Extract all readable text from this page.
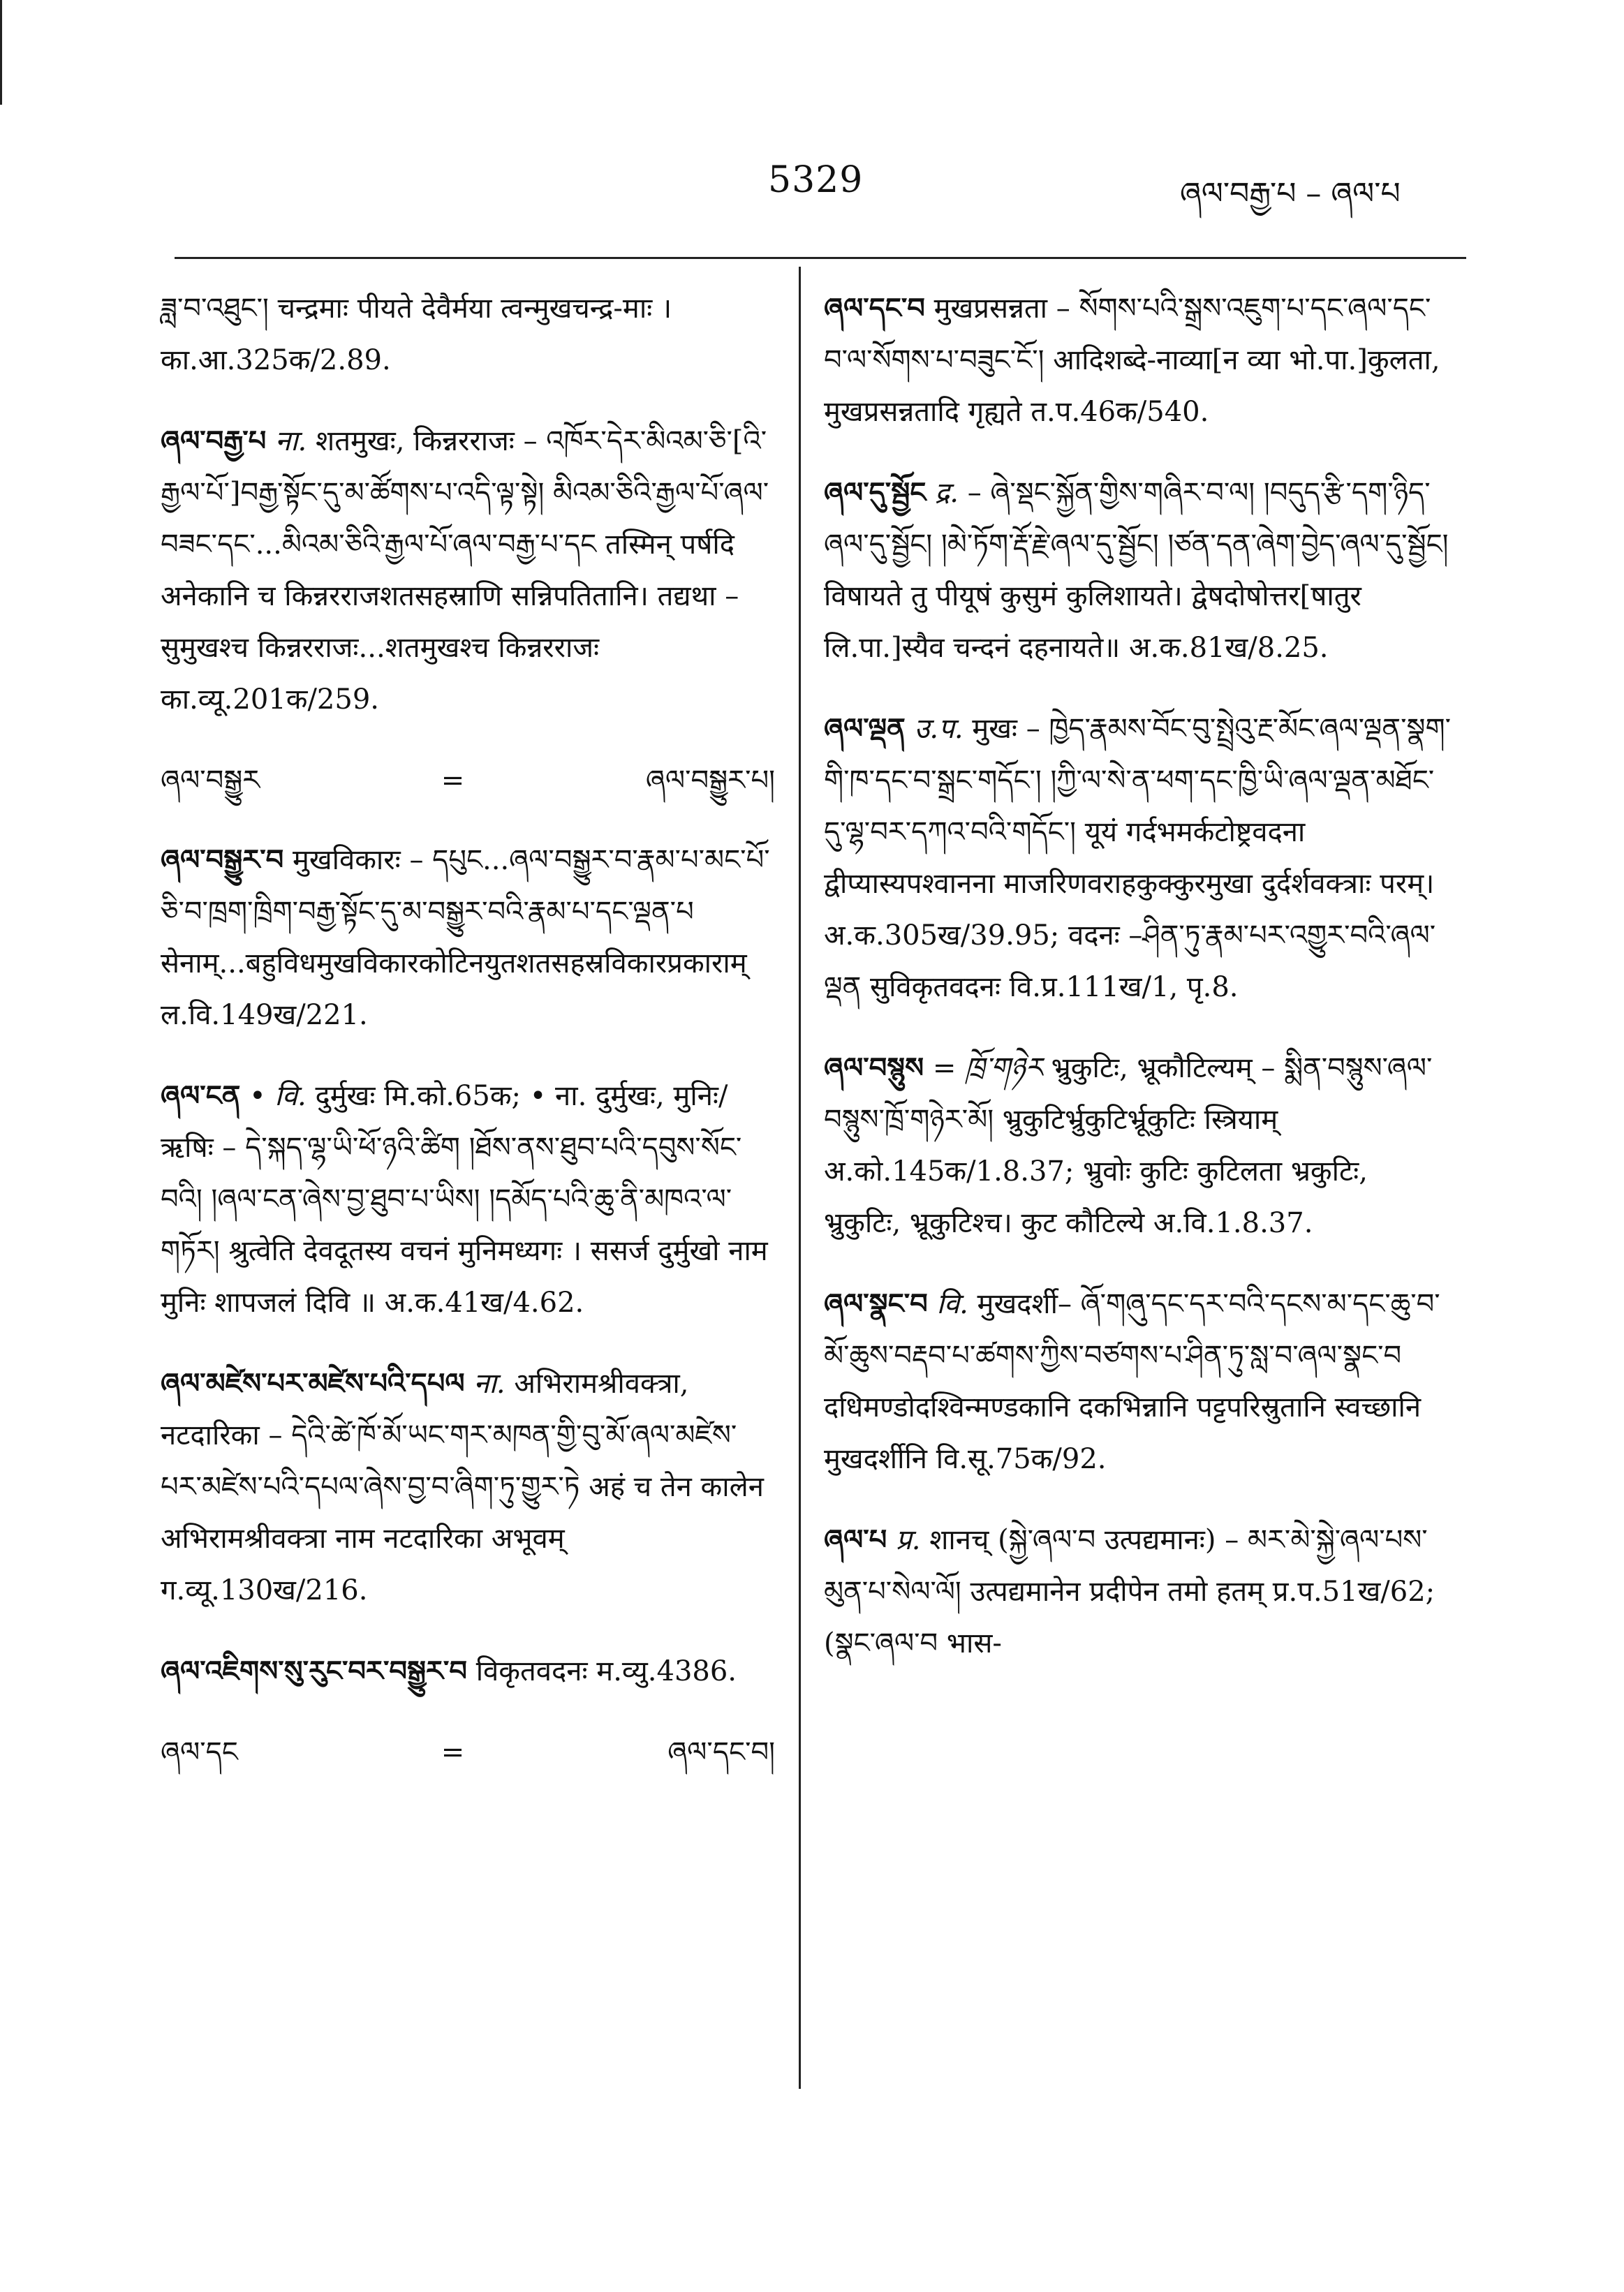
5329	ཞལ་བརྒྱ་པ – ཞལ་པ
ཟླ་བ་འཐུང་། चन्द्रमाः पीयते देवैर्मया त्वन्मुखचन्द्र-माः । का.आ.325क/2.89.
ཞལ་བརྒྱ་པ ना. शतमुखः, किन्नरराजः – འཁོར་དེར་མིའམ་ཅི་[འི་རྒྱལ་པོ་]བརྒྱ་སྟོང་དུ་མ་ཚོགས་པ་འདི་ལྟ་སྟེ། མིའམ་ཅིའི་རྒྱལ་པོ་ཞལ་བཟང་དང་...མིའམ་ཅིའི་རྒྱལ་པོ་ཞལ་བརྒྱ་པ་དང तस्मिन् पर्षदि अनेकानि च किन्नरराजशतसहस्राणि सन्निपतितानि। तद्यथा – सुमुखश्च किन्नरराजः...शतमुखश्च किन्नरराजः का.व्यू.201क/259.
ཞལ་བསྒྱུར	=	ཞལ་བསྒྱུར་པ།
ཞལ་བསྒྱུར་བ मुखविकारः – དཔུང...ཞལ་བསྒྱུར་བ་རྣམ་པ་མང་པོ་ཅི་བ་ཁྲག་ཁྲིག་བརྒྱ་སྟོང་དུ་མ་བསྒྱུར་བའི་རྣམ་པ་དང་ལྡན་པ सेनाम्...बहुविधमुखविकारकोटिनयुतशतसहस्रविकारप्रकाराम् ल.वि.149ख/221.
ཞལ་ངན • वि. दुर्मुखः मि.को.65क; • ना. दुर्मुखः, मुनिः/ऋषिः – དེ་སྐད་ལྷ་ཡི་ཕོ་ཉའི་ཚིག །ཐོས་ནས་ཐུབ་པའི་དབུས་སོང་བའི། །ཞལ་ངན་ཞེས་བྱ་ཐུབ་པ་ཡིས། །དམོད་པའི་ཆུ་ནི་མཁའ་ལ་གཏོར། श्रुत्वेति देवदूतस्य वचनं मुनिमध्यगः । ससर्ज दुर्मुखो नाम मुनिः शापजलं दिवि ॥ अ.क.41ख/4.62.
ཞལ་མཛེས་པར་མཛེས་པའི་དཔལ ना. अभिरामश्रीवक्त्रा, नटदारिका – དེའི་ཚེ་ཁོ་མོ་ཡང་གར་མཁན་གྱི་བུ་མོ་ཞལ་མཛེས་པར་མཛེས་པའི་དཔལ་ཞེས་བྱ་བ་ཞིག་ཏུ་གྱུར་ཏེ अहं च तेन कालेन अभिरामश्रीवक्त्रा नाम नटदारिका अभूवम् ग.व्यू.130ख/216.
ཞལ་འཇིགས་སུ་རུང་བར་བསྒྱུར་བ विकृतवदनः म.व्यु.4386.
ཞལ་དང	=	ཞལ་དང་བ།
ཞལ་དང་བ मुखप्रसन्नता – སོགས་པའི་སྒྲས་འཇུག་པ་དང་ཞལ་དང་བ་ལ་སོགས་པ་བཟུང་ངོ་། आदिशब्दे-नाव्या[न व्या भो.पा.]कुलता, मुखप्रसन्नतादि गृह्यते त.प.46क/540.
ཞལ་དུ་སྦྱོང द्र. – ཞེ་སྡང་སྐྱོན་གྱིས་གཞིར་བ་ལ། །བདུད་རྩི་དག་ཉིད་ཞལ་དུ་སྦྱོང། །མེ་ཏོག་རྡོ་རྗེ་ཞལ་དུ་སྦྱོང། །ཙན་དན་ཞེག་བྱེད་ཞལ་དུ་སྦྱོང། विषायते तु पीयूषं कुसुमं कुलिशायते। द्वेषदोषोत्तर[षातुर लि.पा.]स्यैव चन्दनं दहनायते॥ अ.क.81ख/8.25.
ཞལ་ལྡན उ.प. मुखः – ཁྱེད་རྣམས་བོང་བུ་སྤྲེའུ་རྔ་མོང་ཞལ་ལྡན་སྣག་གི་ཁ་དང་བ་སྒྲང་གདོང་། །ཀྱི་ལ་སེ་ན་ཕག་དང་ཁྱི་ཡི་ཞལ་ལྡན་མཐོང་དུ་ལྷ་བར་དཀའ་བའི་གདོང་། यूयं गर्दभमर्कटोष्ट्रवदना द्वीप्यास्यपश्वानना माजरिणवराहकुक्कुरमुखा दुर्दर्शवक्त्राः परम्। अ.क.305ख/39.95; वदनः –ཤིན་ཏུ་རྣམ་པར་འགྱུར་བའི་ཞལ་ལྡན सुविकृतवदनः वि.प्र.111ख/1, पृ.8.
ཞལ་བསྙུས = ཁྲོ་གཉེར भ्रुकुटिः, भ्रूकौटिल्यम् – སྨིན་བསྙུས་ཞལ་བསྙུས་ཁྲོ་གཉེར་མོ། भ्रुकुटिर्भ्रुकुटिर्भ्रूकुटिः स्त्रियाम् अ.को.145क/1.8.37; भ्रुवोः कुटिः कुटिलता भ्रकुटिः, भ्रुकुटिः, भ्रूकुटिश्च। कुट कौटिल्ये अ.वि.1.8.37.
ཞལ་སྣང་བ वि. मुखदर्शी– ཞོ་གཞུ་དང་དར་བའི་དངས་མ་དང་ཆུ་བ་མོ་ཆུས་བརྡབ་པ་ཚགས་ཀྱིས་བཙགས་པ་ཤིན་ཏུ་སླ་བ་ཞལ་སྣང་བ दधिमण्डोदश्विन्मण्डकानि दकभिन्नानि पट्टपरिस्रुतानि स्वच्छानि मुखदर्शीनि वि.सू.75क/92.
ཞལ་པ प्र. शानच् (སྐྱེ་ཞལ་བ उत्पद्यमानः) – མར་མེ་སྐྱེ་ཞལ་པས་མུན་པ་སེལ་ལོ། उत्पद्यमानेन प्रदीपेन तमो हतम् प्र.प.51ख/62; (སྣང་ཞལ་བ भास-
